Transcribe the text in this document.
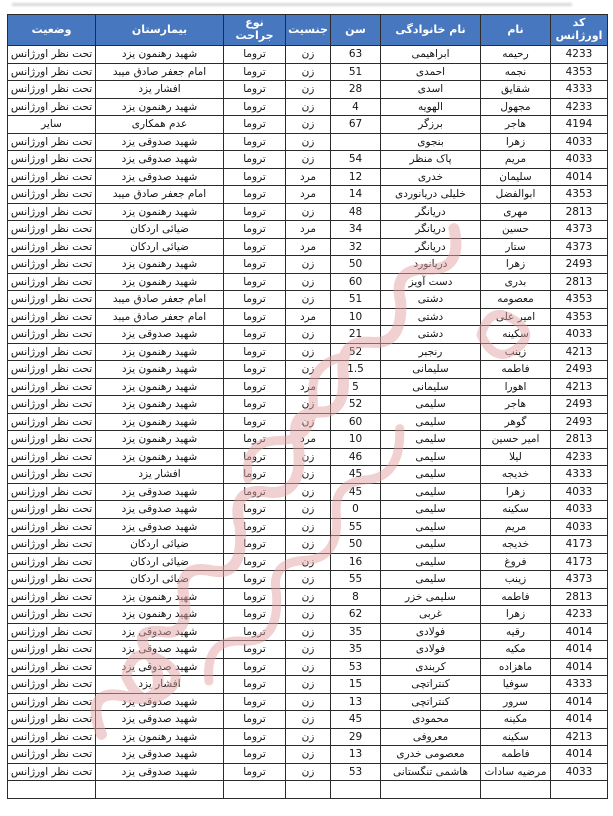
کد اورژانس	نام	نام خانوادگی	سن	جنسیت	نوع جراحت	بیمارستان	وضعیت
4233	رحیمه	ابراهیمی	63	زن	تروما	شهید رهنمون یزد	تحت نظر اورژانس
4353	نجمه	احمدی	51	زن	تروما	امام جعفر صادق میبد	تحت نظر اورژانس
4333	شقایق	اسدی	28	زن	تروما	افشار یزد	تحت نظر اورژانس
4233	مجهول	الهویه	4	زن	تروما	شهید رهنمون یزد	تحت نظر اورژانس
4194	هاجر	برزگر	67	زن	تروما	عدم همکاری	سایر
4033	زهرا	بنجوی		زن	تروما	شهید صدوقی یزد	تحت نظر اورژانس
4033	مریم	پاک منظر	54	زن	تروما	شهید صدوقی یزد	تحت نظر اورژانس
4014	سلیمان	خدری	12	مرد	تروما	شهید صدوقی یزد	تحت نظر اورژانس
4353	ابوالفضل	خلیلی دریانوردی	14	مرد	تروما	امام جعفر صادق میبد	تحت نظر اورژانس
2813	مهری	دریانگر	48	زن	تروما	شهید رهنمون یزد	تحت نظر اورژانس
4373	حسین	دریانگر	34	مرد	تروما	ضیائی اردکان	تحت نظر اورژانس
4373	ستار	دریانگر	32	مرد	تروما	ضیائی اردکان	تحت نظر اورژانس
2493	زهرا	دریانورد	50	زن	تروما	شهید رهنمون یزد	تحت نظر اورژانس
2813	بدری	دست آویز	60	زن	تروما	شهید رهنمون یزد	تحت نظر اورژانس
4353	معصومه	دشتی	51	زن	تروما	امام جعفر صادق میبد	تحت نظر اورژانس
4353	امیر علی	دشتی	10	مرد	تروما	امام جعفر صادق میبد	تحت نظر اورژانس
4033	سکینه	دشتی	21	زن	تروما	شهید صدوقی یزد	تحت نظر اورژانس
4213	زینب	رنجبر	52	زن	تروما	شهید رهنمون یزد	تحت نظر اورژانس
2493	فاطمه	سلیمانی	1.5	زن	تروما	شهید رهنمون یزد	تحت نظر اورژانس
4213	اهورا	سلیمانی	5	مرد	تروما	شهید رهنمون یزد	تحت نظر اورژانس
2493	هاجر	سلیمی	52	زن	تروما	شهید رهنمون یزد	تحت نظر اورژانس
2493	گوهر	سلیمی	60	زن	تروما	شهید رهنمون یزد	تحت نظر اورژانس
2813	امیر حسین	سلیمی	10	مرد	تروما	شهید رهنمون یزد	تحت نظر اورژانس
4233	لیلا	سلیمی	46	زن	تروما	شهید رهنمون یزد	تحت نظر اورژانس
4333	خدیجه	سلیمی	45	زن	تروما	افشار یزد	تحت نظر اورژانس
4033	زهرا	سلیمی	45	زن	تروما	شهید صدوقی یزد	تحت نظر اورژانس
4033	سکینه	سلیمی	0	زن	تروما	شهید صدوقی یزد	تحت نظر اورژانس
4033	مریم	سلیمی	55	زن	تروما	شهید صدوقی یزد	تحت نظر اورژانس
4173	خدیجه	سلیمی	50	زن	تروما	ضیائی اردکان	تحت نظر اورژانس
4173	فروغ	سلیمی	16	زن	تروما	ضیائی اردکان	تحت نظر اورژانس
4373	زینب	سلیمی	55	زن	تروما	ضیائی اردکان	تحت نظر اورژانس
2813	فاطمه	سلیمی خزر	8	زن	تروما	شهید رهنمون یزد	تحت نظر اورژانس
4233	زهرا	غربی	62	زن	تروما	شهید رهنمون یزد	تحت نظر اورژانس
4014	رقیه	فولادی	35	زن	تروما	شهید صدوقی یزد	تحت نظر اورژانس
4014	مکیه	فولادی	35	زن	تروما	شهید صدوقی یزد	تحت نظر اورژانس
4014	ماهزاده	کربندی	53	زن	تروما	شهید صدوقی یزد	تحت نظر اورژانس
4333	سوفیا	کنتراتچی	15	زن	تروما	افشار یزد	تحت نظر اورژانس
4014	سرور	کنتراتچی	13	زن	تروما	شهید صدوقی یزد	تحت نظر اورژانس
4014	مکینه	محمودی	45	زن	تروما	شهید صدوقی یزد	تحت نظر اورژانس
4213	سکینه	معروفی	29	زن	تروما	شهید رهنمون یزد	تحت نظر اورژانس
4014	فاطمه	معصومی خدری	13	زن	تروما	شهید صدوقی یزد	تحت نظر اورژانس
4033	مرضیه سادات	هاشمی تنگستانی	53	زن	تروما	شهید صدوقی یزد	تحت نظر اورژانس
